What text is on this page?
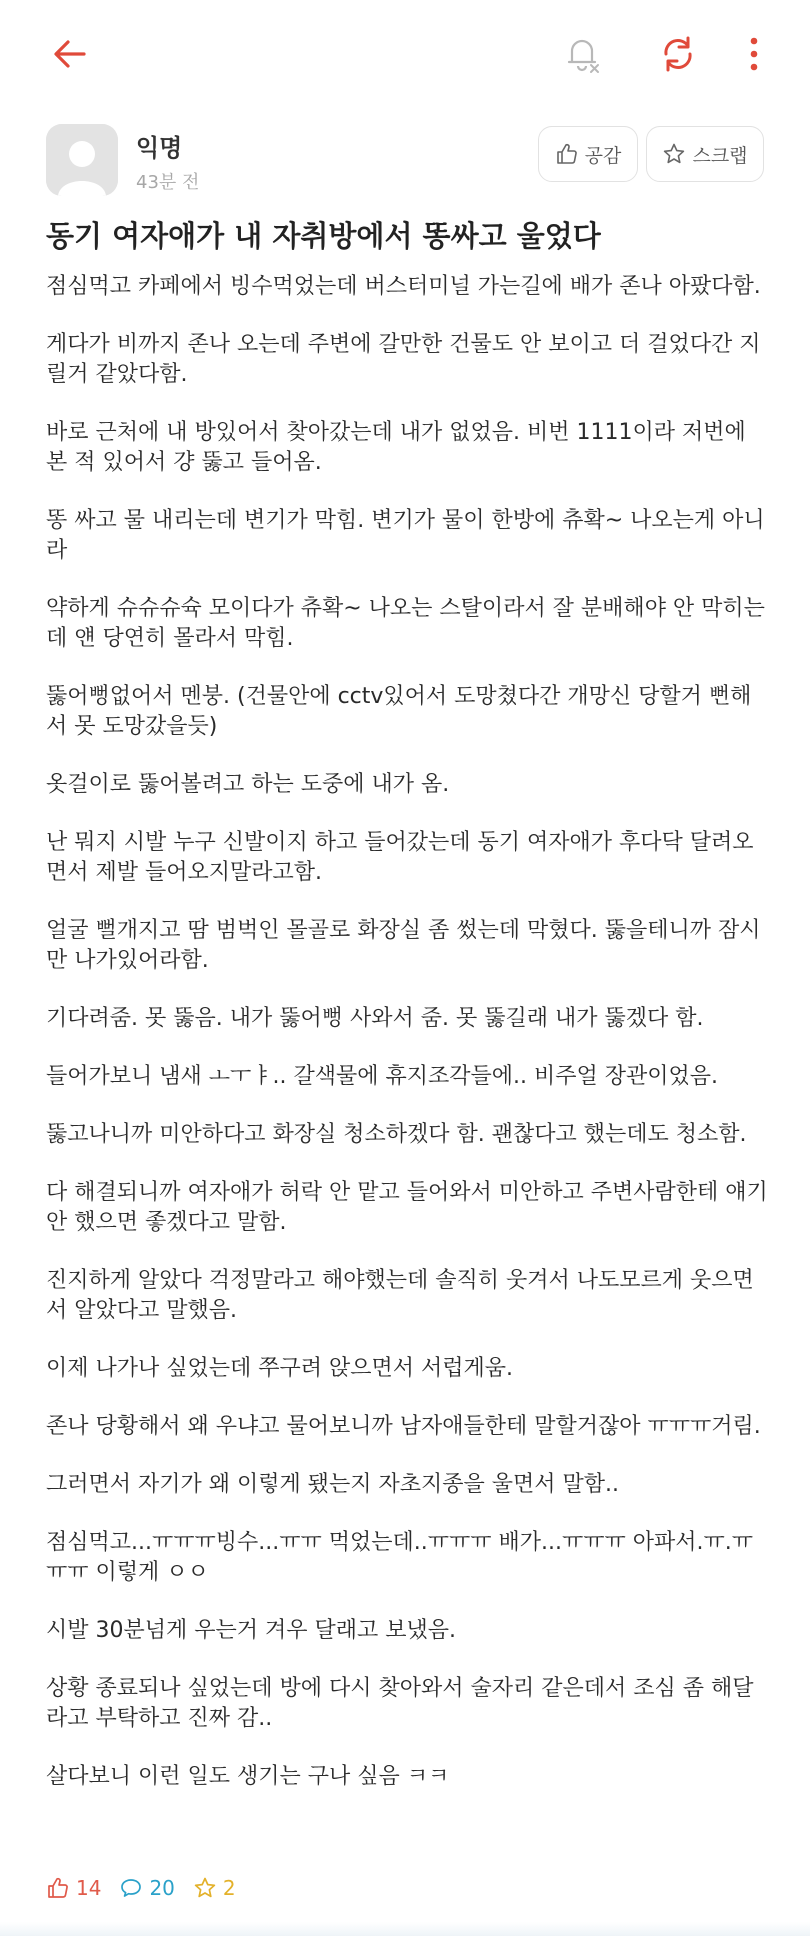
익명
43분 전
공감	스크랩
동기 여자애가 내 자취방에서 똥싸고 울었다

점심먹고 카페에서 빙수먹었는데 버스터미널 가는길에 배가 존나 아팠다함.

게다가 비까지 존나 오는데 주변에 갈만한 건물도 안 보이고 더 걸었다간 지릴거 같았다함.

바로 근처에 내 방있어서 찾아갔는데 내가 없었음. 비번 1111이라 저번에 본 적 있어서 걍 뚫고 들어옴.

똥 싸고 물 내리는데 변기가 막힘. 변기가 물이 한방에 츄확~ 나오는게 아니라

약하게 슈슈슈슉 모이다가 츄확~ 나오는 스탈이라서 잘 분배해야 안 막히는데 얜 당연히 몰라서 막힘.

뚫어뻥없어서 멘붕. (건물안에 cctv있어서 도망쳤다간 개망신 당할거 뻔해서 못 도망갔을듯)

옷걸이로 뚫어볼려고 하는 도중에 내가 옴.

난 뭐지 시발 누구 신발이지 하고 들어갔는데 동기 여자애가 후다닥 달려오면서 제발 들어오지말라고함.

얼굴 뻘개지고 땀 범벅인 몰골로 화장실 좀 썼는데 막혔다. 뚫을테니까 잠시만 나가있어라함.

기다려줌. 못 뚫음. 내가 뚫어뻥 사와서 줌. 못 뚫길래 내가 뚫겠다 함.

들어가보니 냄새 ㅗㅜㅑ.. 갈색물에 휴지조각들에.. 비주얼 장관이었음.

뚫고나니까 미안하다고 화장실 청소하겠다 함. 괜찮다고 했는데도 청소함.

다 해결되니까 여자애가 허락 안 맡고 들어와서 미안하고 주변사람한테 얘기 안 했으면 좋겠다고 말함.

진지하게 알았다 걱정말라고 해야했는데 솔직히 웃겨서 나도모르게 웃으면서 알았다고 말했음.

이제 나가나 싶었는데 쭈구려 앉으면서 서럽게움.

존나 당황해서 왜 우냐고 물어보니까 남자애들한테 말할거잖아 ㅠㅠㅠ거림.

그러면서 자기가 왜 이렇게 됐는지 자초지종을 울면서 말함..

점심먹고...ㅠㅠㅠ빙수...ㅠㅠ 먹었는데..ㅠㅠㅠ 배가...ㅠㅠㅠ 아파서.ㅠ.ㅠㅠㅠ 이렇게 ㅇㅇ

시발 30분넘게 우는거 겨우 달래고 보냈음.

상황 종료되나 싶었는데 방에 다시 찾아와서 술자리 같은데서 조심 좀 해달라고 부탁하고 진짜 감..

살다보니 이런 일도 생기는 구나 싶음 ㅋㅋ

14 20 2
